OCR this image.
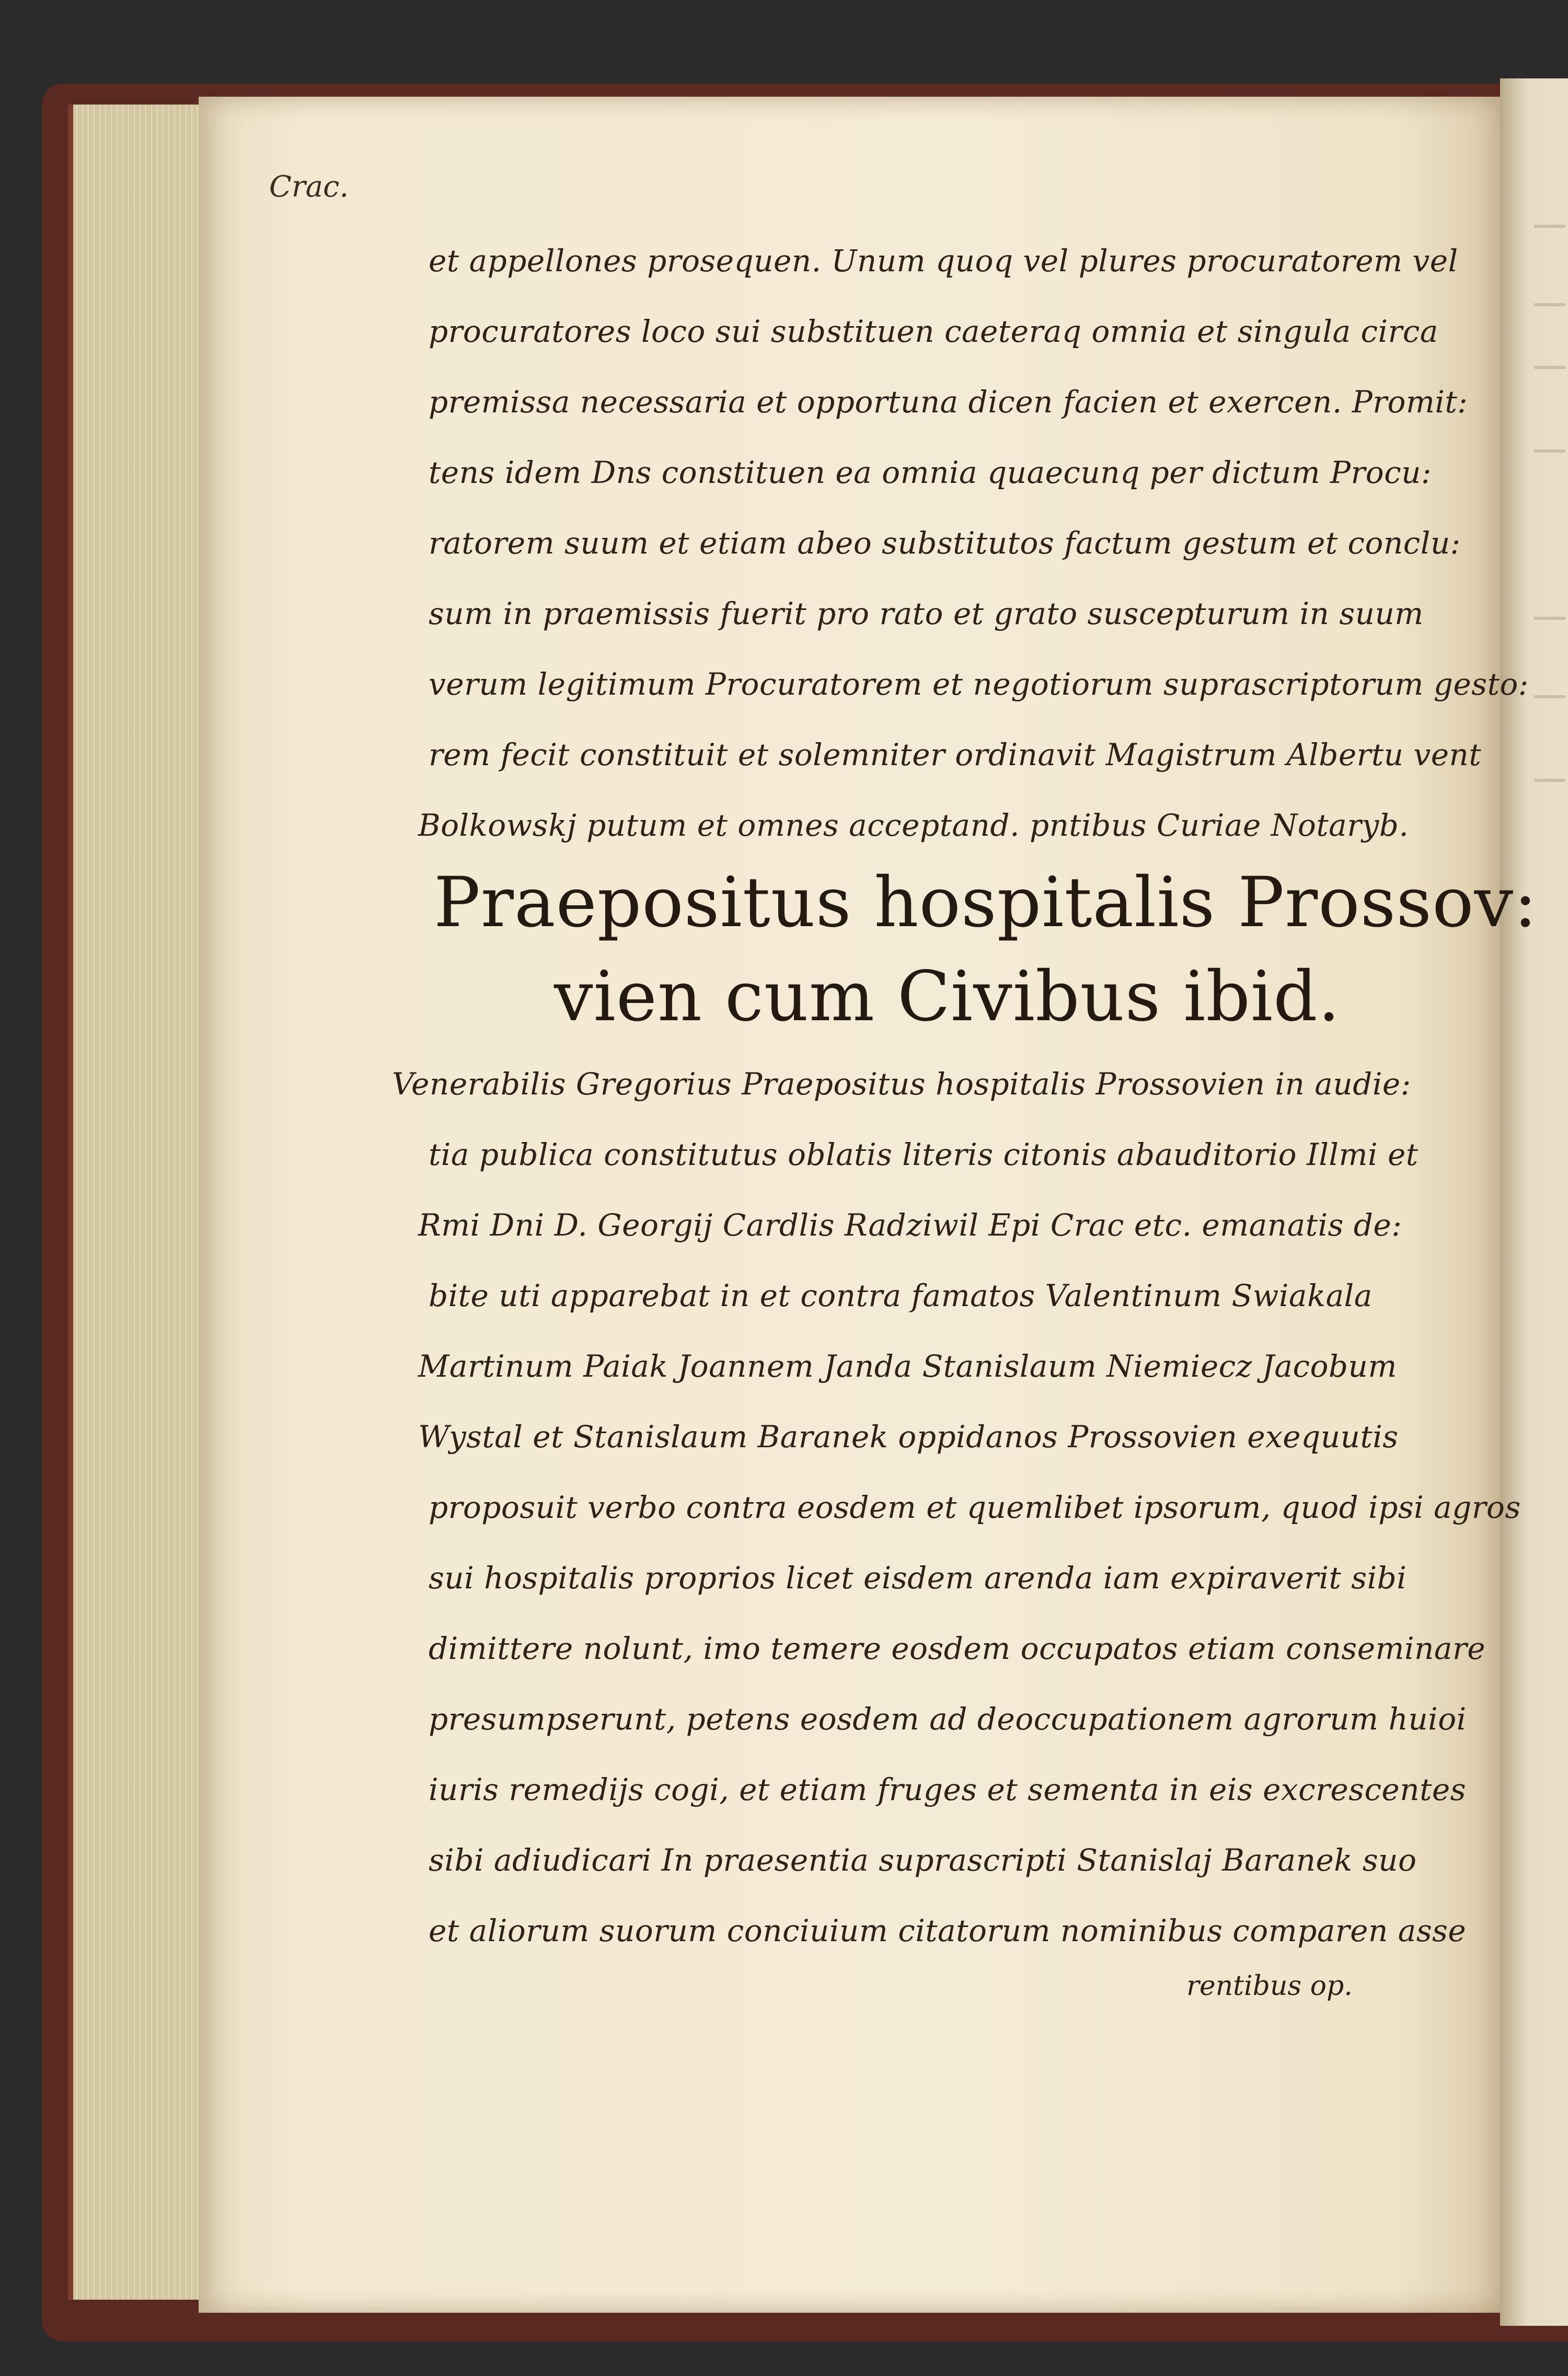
Crac.

et appellones prosequen. Unum quoq vel plures procuratorem vel

procuratores loco sui substituen caeteraq omnia et singula circa

premissa necessaria et opportuna dicen facien et exercen. Promit:

tens idem Dns constituen ea omnia quaecunq per dictum Procu:

ratorem suum et etiam abeo substitutos factum gestum et conclu:

sum in praemissis fuerit pro rato et grato suscepturum in suum

verum legitimum Procuratorem et negotiorum suprascriptorum gesto:

rem fecit constituit et solemniter ordinavit Magistrum Albertu vent

Bolkowskj putum et omnes acceptand. pntibus Curiae Notaryb.

Praepositus hospitalis Prossov:

vien cum Civibus ibid.

Venerabilis Gregorius Praepositus hospitalis Prossovien in audie:

tia publica constitutus oblatis literis citonis abauditorio Illmi et

Rmi Dni D. Georgij Cardlis Radziwil Epi Crac etc. emanatis de:

bite uti apparebat in et contra famatos Valentinum Swiakala

Martinum Paiak Joannem Janda Stanislaum Niemiecz Jacobum

Wystal et Stanislaum Baranek oppidanos Prossovien exequutis

proposuit verbo contra eosdem et quemlibet ipsorum, quod ipsi agros

sui hospitalis proprios licet eisdem arenda iam expiraverit sibi

dimittere nolunt, imo temere eosdem occupatos etiam conseminare

presumpserunt, petens eosdem ad deoccupationem agrorum huioi

iuris remedijs cogi, et etiam fruges et sementa in eis excrescentes

sibi adiudicari In praesentia suprascripti Stanislaj Baranek suo

et aliorum suorum conciuium citatorum nominibus comparen asse

rentibus op.
